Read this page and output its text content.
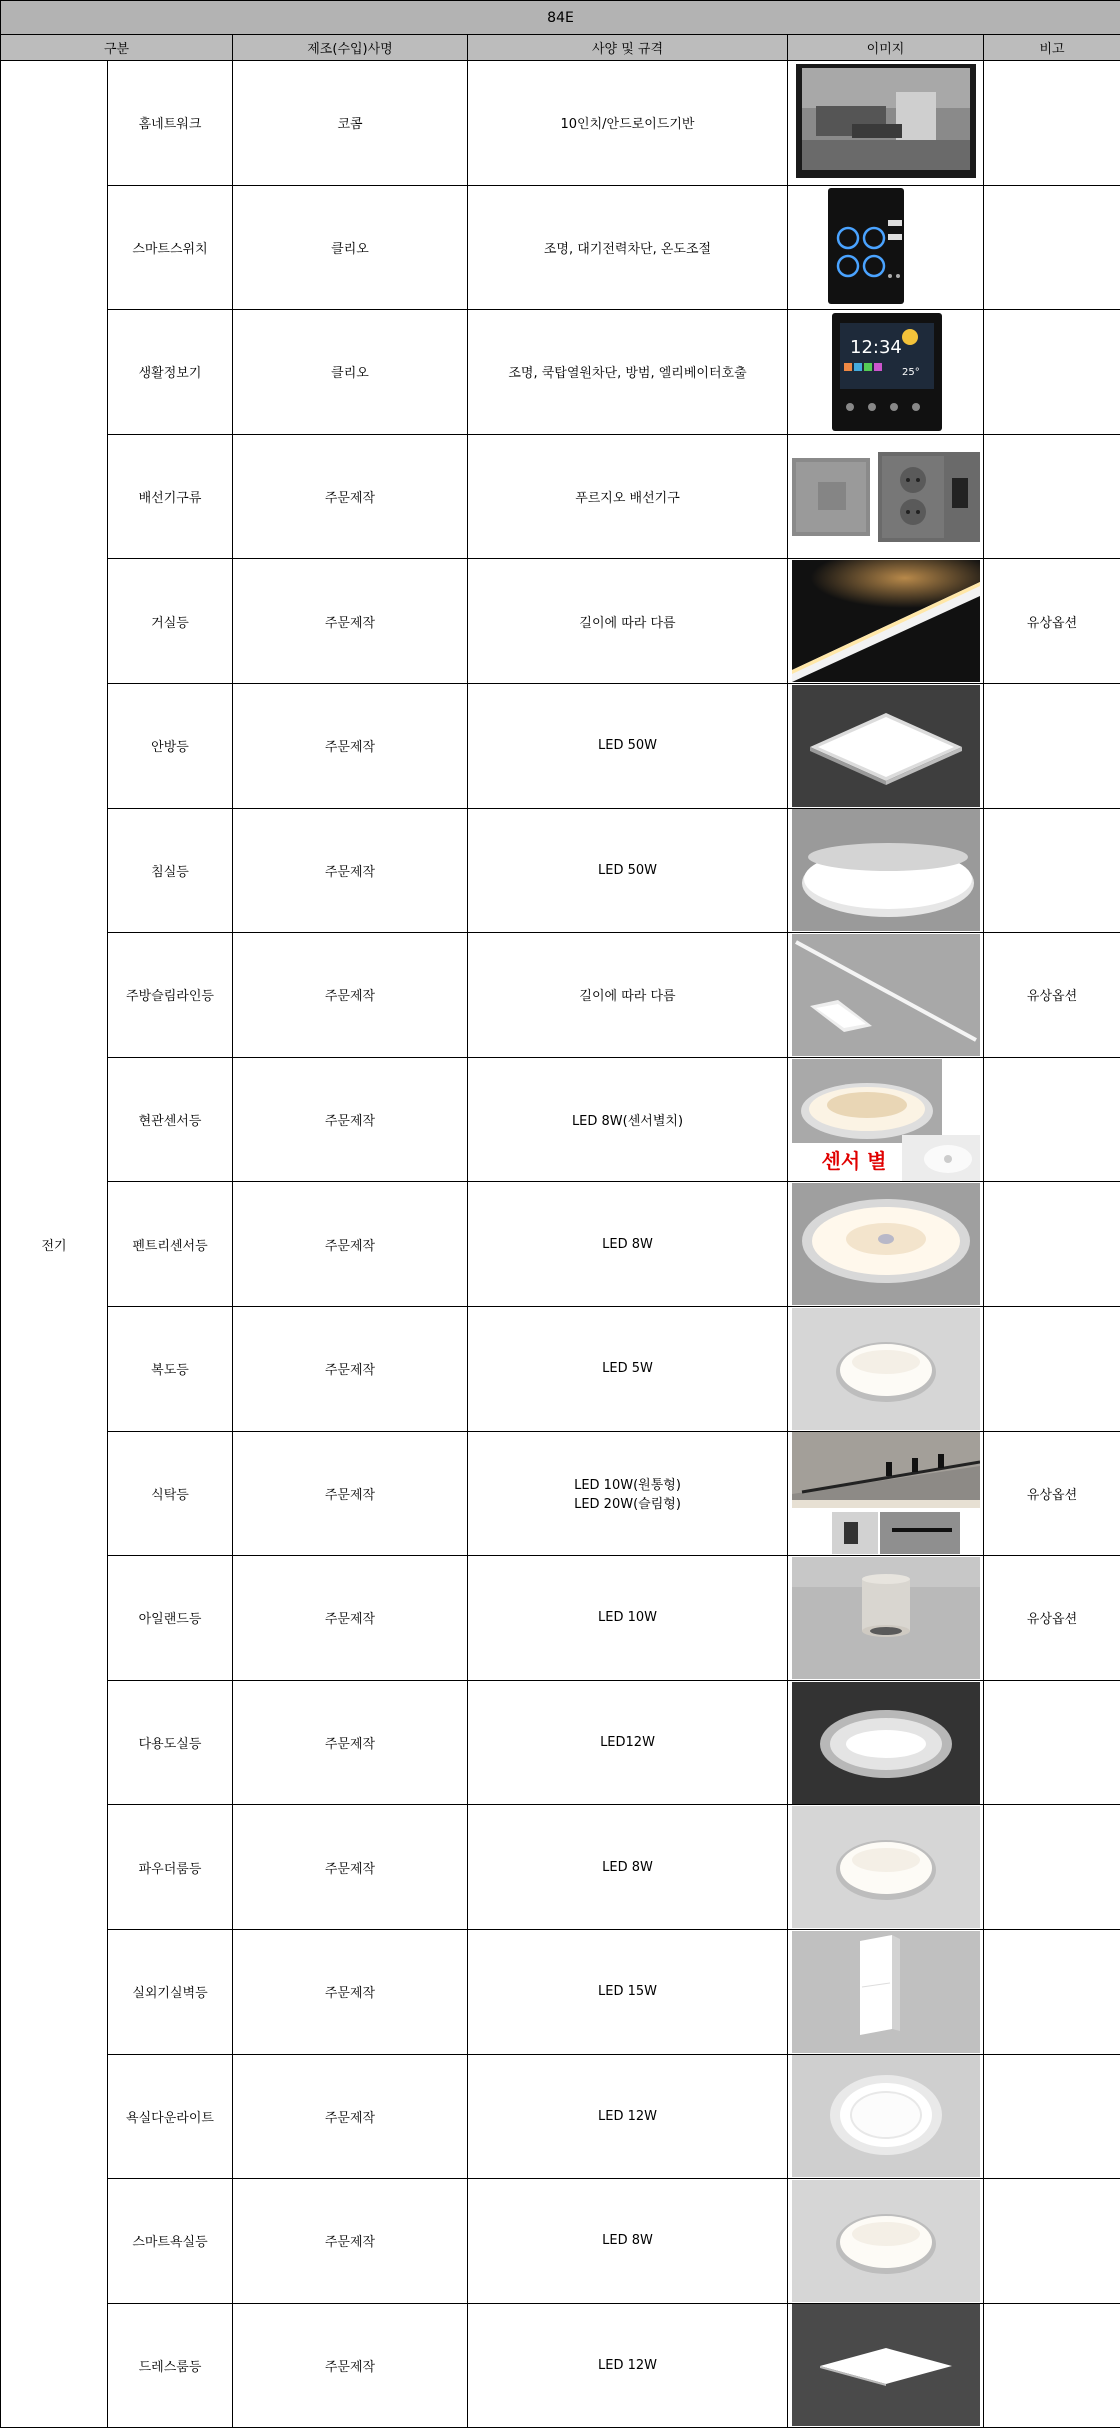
84E					
구분		제조(수입)사명	사양 및 규격	이미지	비고
전기	홈네트워크	코콤	10인치/안드로이드기반	

	스마트스위치	클리오	조명, 대기전력차단, 온도조절	

	생활정보기	클리오	조명, 쿡탑열원차단, 방범, 엘리베이터호출	12:34
25°	

	배선기구류	주문제작	푸르지오 배선기구	

	거실등	주문제작	길이에 따라 다름		유상옵션
	안방등	주문제작	LED 50W	

	침실등	주문제작	LED 50W	

	주방슬림라인등	주문제작	길이에 따라 다름		유상옵션
	현관센서등	주문제작	LED 8W(센서별치)	센서 별	

	펜트리센서등	주문제작	LED 8W	

	복도등	주문제작	LED 5W	

	식탁등	주문제작	LED 10W(원통형)
LED 20W(슬림형)		유상옵션
	아일랜드등	주문제작	LED 10W		유상옵션
	다용도실등	주문제작	LED12W	

	파우더룸등	주문제작	LED 8W	

	실외기실벽등	주문제작	LED 15W	

	욕실다운라이트	주문제작	LED 12W	

	스마트욕실등	주문제작	LED 8W	

	드레스룸등	주문제작	LED 12W	
